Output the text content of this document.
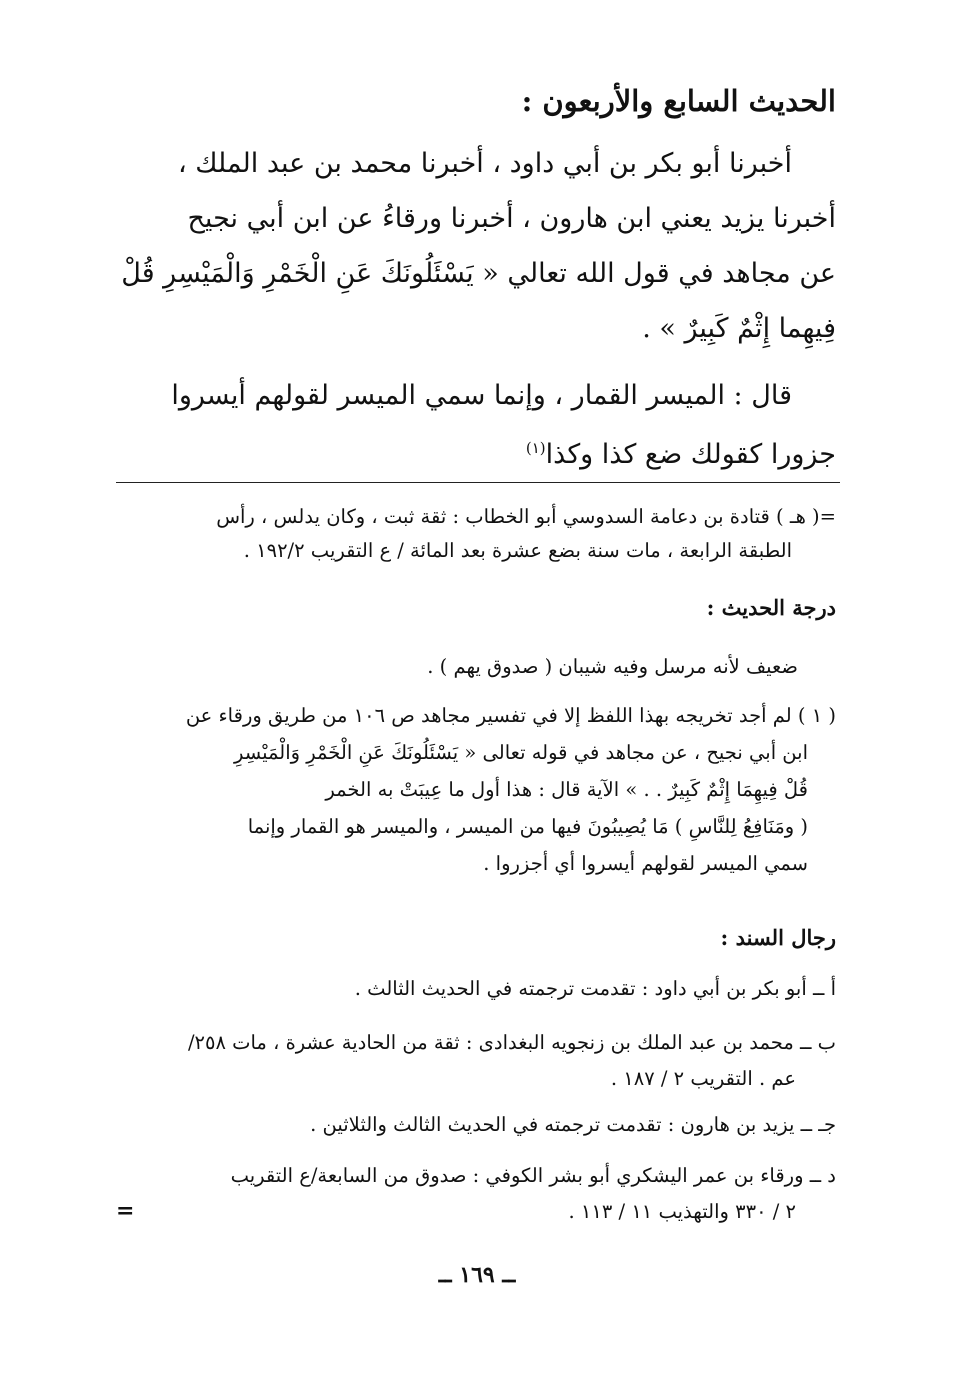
الحديث السابع والأربعون :

أخبرنا أبو بكر بن أبي داود ، أخبرنا محمد بن عبد الملك ،

أخبرنا يزيد يعني ابن هارون ، أخبرنا ورقاءُ عن ابن أبي نجيح

عن مجاهد في قول الله تعالي « يَسْئَلُونَكَ عَنِ الْخَمْرِ وَالْمَيْسِرِ قُلْ

فِيهِما إِثْمٌ كَبِيرٌ » .

قال : الميسر القمار ، وإنما سمي الميسر لقولهم أيسروا

جزورا كقولك ضع كذا وكذا$^{(١)}$

=( هـ ) قتادة بن دعامة السدوسي أبو الخطاب : ثقة ثبت ، وكان يدلس ، رأس

الطبقة الرابعة ، مات سنة بضع عشرة بعد المائة / ع التقريب ١٩٢/٢ .

درجة الحديث :
ضعيف لأنه مرسل وفيه شيبان ( صدوق يهم ) .

( ١ ) لم أجد تخريجه بهذا اللفظ إلا في تفسير مجاهد ص ١٠٦ من طريق ورقاء عن

ابن أبي نجيح ، عن مجاهد في قوله تعالى « يَسْئَلُونَكَ عَنِ الْخَمْرِ وَالْمَيْسِرِ

قُلْ فِيهِمَا إِثْمٌ كَبِيرٌ . . » الآية قال : هذا أول ما عِيبَتْ به الخمر

( ومَنَافِعُ لِلنَّاسِ ) مَا يُصِيبُونَ فيها من الميسر ، والميسر هو القمار وإنما

سمي الميسر لقولهم أيسروا أي أجزروا .

رجال السند :
أ ــ أبو بكر بن أبي داود : تقدمت ترجمته في الحديث الثالث .

ب ــ محمد بن عبد الملك بن زنجويه البغدادى : ثقة من الحادية عشرة ، مات ٢٥٨/

عم . التقريب ٢ / ١٨٧ .

جـ ــ يزيد بن هارون : تقدمت ترجمته في الحديث الثالث والثلاثين .

د ــ ورقاء بن عمر اليشكري أبو بشر الكوفي : صدوق من السابعة/ع التقريب

٢ / ٣٣٠ والتهذيب ١١ / ١١٣ .

=
ــ ١٦٩ ــ
